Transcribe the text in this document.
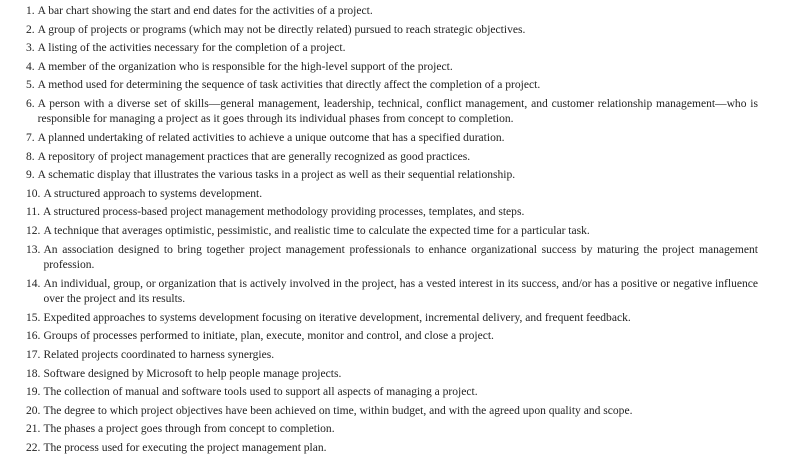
1. A bar chart showing the start and end dates for the activities of a project.
2. A group of projects or programs (which may not be directly related) pursued to reach strategic objectives.
3. A listing of the activities necessary for the completion of a project.
4. A member of the organization who is responsible for the high-level support of the project.
5. A method used for determining the sequence of task activities that directly affect the completion of a project.
6. A person with a diverse set of skills—general management, leadership, technical, conflict management, and customer relationship management—who is responsible for managing a project as it goes through its individual phases from concept to completion.
7. A planned undertaking of related activities to achieve a unique outcome that has a specified duration.
8. A repository of project management practices that are generally recognized as good practices.
9. A schematic display that illustrates the various tasks in a project as well as their sequential relationship.
10. A structured approach to systems development.
11. A structured process-based project management methodology providing processes, templates, and steps.
12. A technique that averages optimistic, pessimistic, and realistic time to calculate the expected time for a particular task.
13. An association designed to bring together project management professionals to enhance organizational success by maturing the project management profession.
14. An individual, group, or organization that is actively involved in the project, has a vested interest in its success, and/or has a positive or negative influence over the project and its results.
15. Expedited approaches to systems development focusing on iterative development, incremental delivery, and frequent feedback.
16. Groups of processes performed to initiate, plan, execute, monitor and control, and close a project.
17. Related projects coordinated to harness synergies.
18. Software designed by Microsoft to help people manage projects.
19. The collection of manual and software tools used to support all aspects of managing a project.
20. The degree to which project objectives have been achieved on time, within budget, and with the agreed upon quality and scope.
21. The phases a project goes through from concept to completion.
22. The process used for executing the project management plan.
